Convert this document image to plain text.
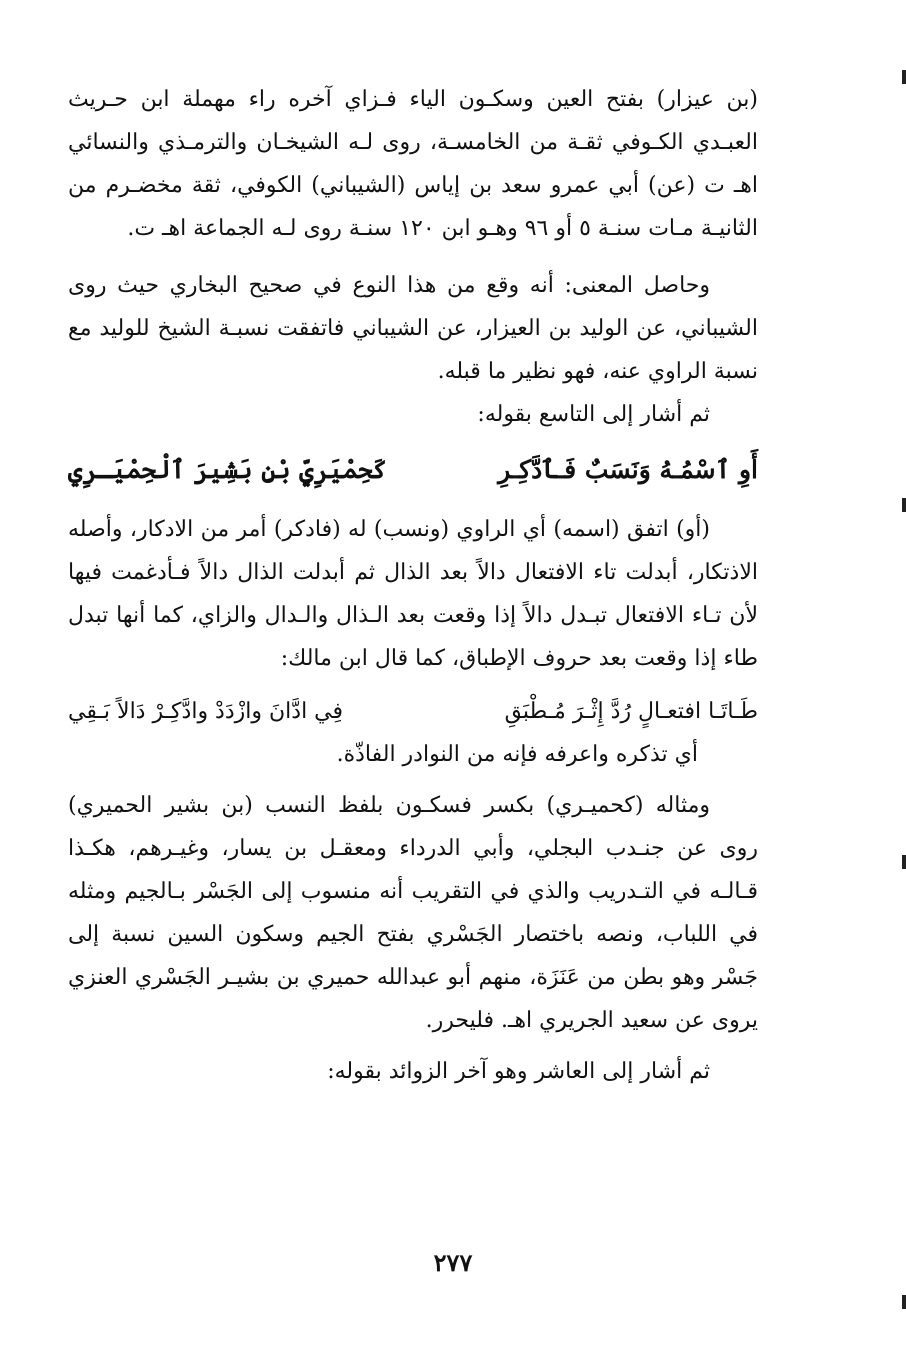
(بن عيزار) بفتح العين وسكـون الياء فـزاي آخره راء مهملة ابن حـريث العبـدي الكـوفي ثقـة من الخامسـة، روى لـه الشيخـان والترمـذي والنسائي اهـ ت (عن) أبي عمرو سعد بن إياس (الشيباني) الكوفي، ثقة مخضـرم من الثانيـة مـات سنـة ٥ أو ٩٦ وهـو ابن ١٢٠ سنـة روى لـه الجماعة اهـ ت.

وحاصل المعنى: أنه وقع من هذا النوع في صحيح البخاري حيث روى الشيباني، عن الوليد بن العيزار، عن الشيباني فاتفقت نسبـة الشيخ للوليد مع نسبة الراوي عنه، فهو نظير ما قبله.

ثم أشار إلى التاسع بقوله:

أَوِ ٱسْمُـهُ وَنَسَبٌ فَـٱدَّكِـرِ
كَحِمْيَرِيٍّ بْنِ بَشِيرَ ٱلْحِمْيَـرِي

(أو) اتفق (اسمه) أي الراوي (ونسب) له (فادكر) أمر من الادكار، وأصله الاذتكار، أبدلت تاء الافتعال دالاً بعد الذال ثم أبدلت الذال دالاً فـأدغمت فيها لأن تـاء الافتعال تبـدل دالاً إذا وقعت بعد الـذال والـدال والزاي، كما أنها تبدل طاء إذا وقعت بعد حروف الإطباق، كما قال ابن مالك:

طَـاتَـا افتعـالٍ رُدَّ إِثْـرَ مُـطْبَقِ
فِي ادَّانَ وازْدَدْ وادَّكِـرْ دَالاً بَـقِي

أي تذكره واعرفه فإنه من النوادر الفاذّة.

ومثاله (كحميـري) بكسر فسكـون بلفظ النسب (بن بشير الحميري) روى عن جنـدب البجلي، وأبي الدرداء ومعقـل بن يسار، وغيـرهم، هكـذا قـالـه في التـدريب والذي في التقريب أنه منسوب إلى الجَسْر بـالجيم ومثله في اللباب، ونصه باختصار الجَسْري بفتح الجيم وسكون السين نسبة إلى جَسْر وهو بطن من عَنَزَة، منهم أبو عبدالله حميري بن بشيـر الجَسْري العنزي يروى عن سعيد الجريري اهـ. فليحرر.

ثم أشار إلى العاشر وهو آخر الزوائد بقوله:

٢٧٧
